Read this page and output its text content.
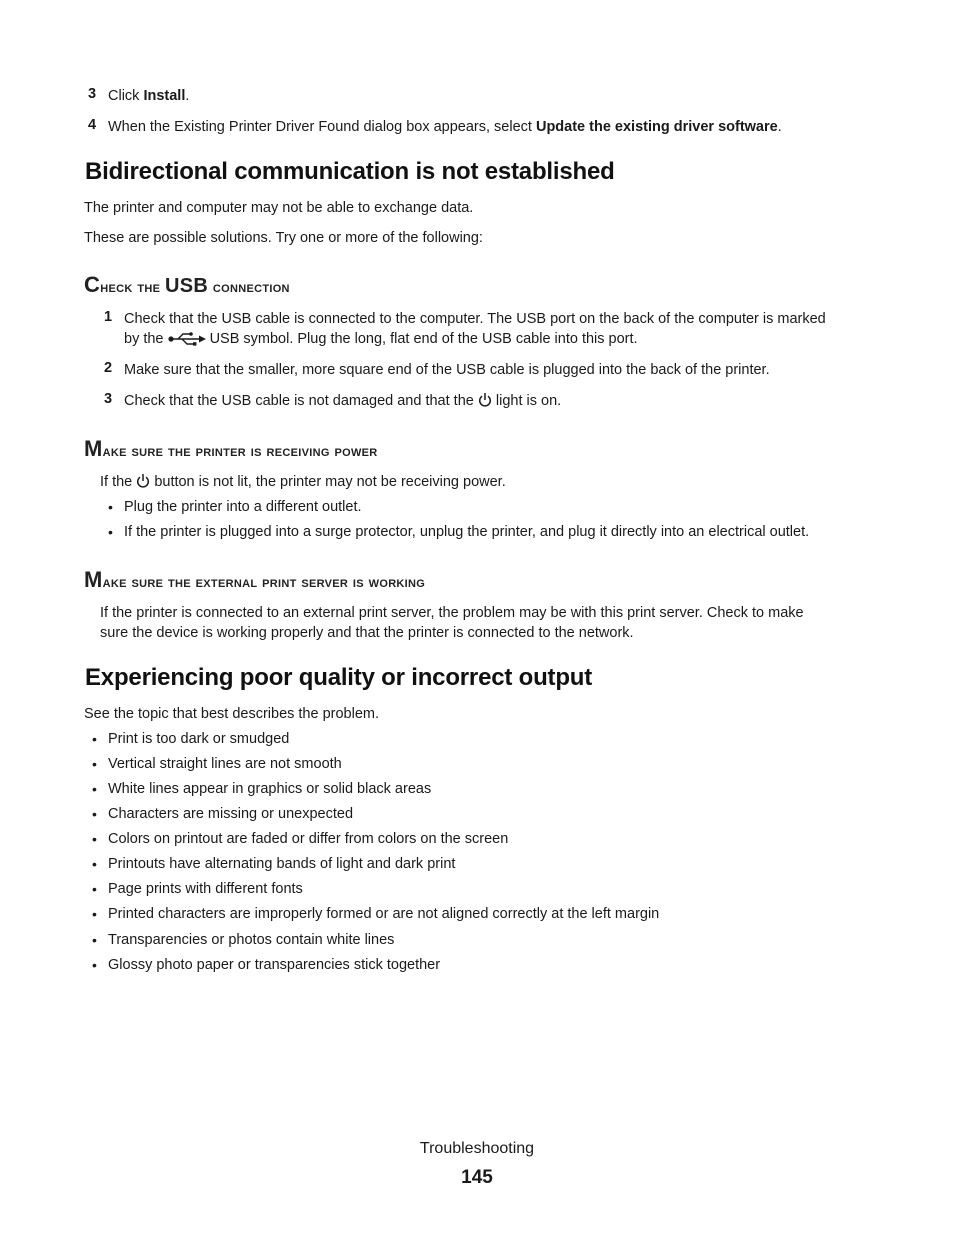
3 Click Install.
4 When the Existing Printer Driver Found dialog box appears, select Update the existing driver software.
Bidirectional communication is not established

The printer and computer may not be able to exchange data.

These are possible solutions. Try one or more of the following:

Check the USB connection
1 Check that the USB cable is connected to the computer. The USB port on the back of the computer is marked
by the	USB symbol. Plug the long, flat end of the USB cable into this port.
2 Make sure that the smaller, more square end of the USB cable is plugged into the back of the printer.
3 Check that the USB cable is not damaged and that the light is on.
Make sure the printer is receiving power

If the button is not lit, the printer may not be receiving power.

• Plug the printer into a different outlet.
• If the printer is plugged into a surge protector, unplug the printer, and plug it directly into an electrical outlet.
Make sure the external print server is working

If the printer is connected to an external print server, the problem may be with this print server. Check to make
sure the device is working properly and that the printer is connected to the network.

Experiencing poor quality or incorrect output

See the topic that best describes the problem.

• Print is too dark or smudged
• Vertical straight lines are not smooth
• White lines appear in graphics or solid black areas
• Characters are missing or unexpected
• Colors on printout are faded or differ from colors on the screen
• Printouts have alternating bands of light and dark print
• Page prints with different fonts
• Printed characters are improperly formed or are not aligned correctly at the left margin
• Transparencies or photos contain white lines
• Glossy photo paper or transparencies stick together
Troubleshooting
145
